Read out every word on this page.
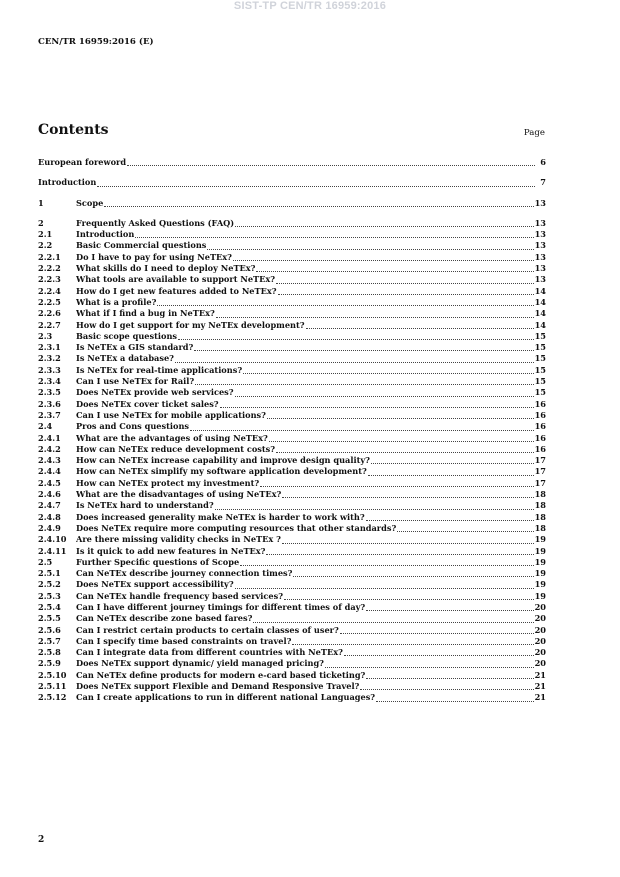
SIST-TP CEN/TR 16959:2016
CEN/TR 16959:2016 (E)
Contents	Page
European foreword	6
Introduction	7
1	Scope	13
2	Frequently Asked Questions (FAQ)	13
2.1	Introduction	13
2.2	Basic Commercial questions	13
2.2.1	Do I have to pay for using NeTEx?	13
2.2.2	What skills do I need to deploy NeTEx?	13
2.2.3	What tools are available to support NeTEx?	13
2.2.4	How do I get new features added to NeTEx?	14
2.2.5	What is a profile?	14
2.2.6	What if I find a bug in NeTEx?	14
2.2.7	How do I get support for my NeTEx development?	14
2.3	Basic scope questions	15
2.3.1	Is NeTEx a GIS standard?	15
2.3.2	Is NeTEx a database?	15
2.3.3	Is NeTEx for real-time applications?	15
2.3.4	Can I use NeTEx for Rail?	15
2.3.5	Does NeTEx provide web services?	15
2.3.6	Does NeTEx cover ticket sales?	16
2.3.7	Can I use NeTEx for mobile applications?	16
2.4	Pros and Cons questions	16
2.4.1	What are the advantages of using NeTEx?	16
2.4.2	How can NeTEx reduce development costs?	16
2.4.3	How can NeTEx increase capability and improve design quality?	17
2.4.4	How can NeTEx simplify my software application development?	17
2.4.5	How can NeTEx protect my investment?	17
2.4.6	What are the disadvantages of using NeTEx?	18
2.4.7	Is NeTEx hard to understand?	18
2.4.8	Does increased generality make NeTEx is harder to work with?	18
2.4.9	Does NeTEx require more computing resources that other standards?	18
2.4.10	Are there missing validity checks in NeTEx ?	19
2.4.11	Is it quick to add new features in NeTEx?	19
2.5	Further Specific questions of Scope	19
2.5.1	Can NeTEx describe journey connection times?	19
2.5.2	Does NeTEx support accessibility?	19
2.5.3	Can NeTEx handle frequency based services?	19
2.5.4	Can I have different journey timings for different times of day?	20
2.5.5	Can NeTEx describe zone based fares?	20
2.5.6	Can I restrict certain products to certain classes of user?	20
2.5.7	Can I specify time based constraints on travel?	20
2.5.8	Can I integrate data from different countries with NeTEx?	20
2.5.9	Does NeTEx support dynamic/ yield managed pricing?	20
2.5.10	Can NeTEx define products for modern e-card based ticketing?	21
2.5.11	Does NeTEx support Flexible and Demand Responsive Travel?	21
2.5.12	Can I create applications to run in different national Languages?	21
2
